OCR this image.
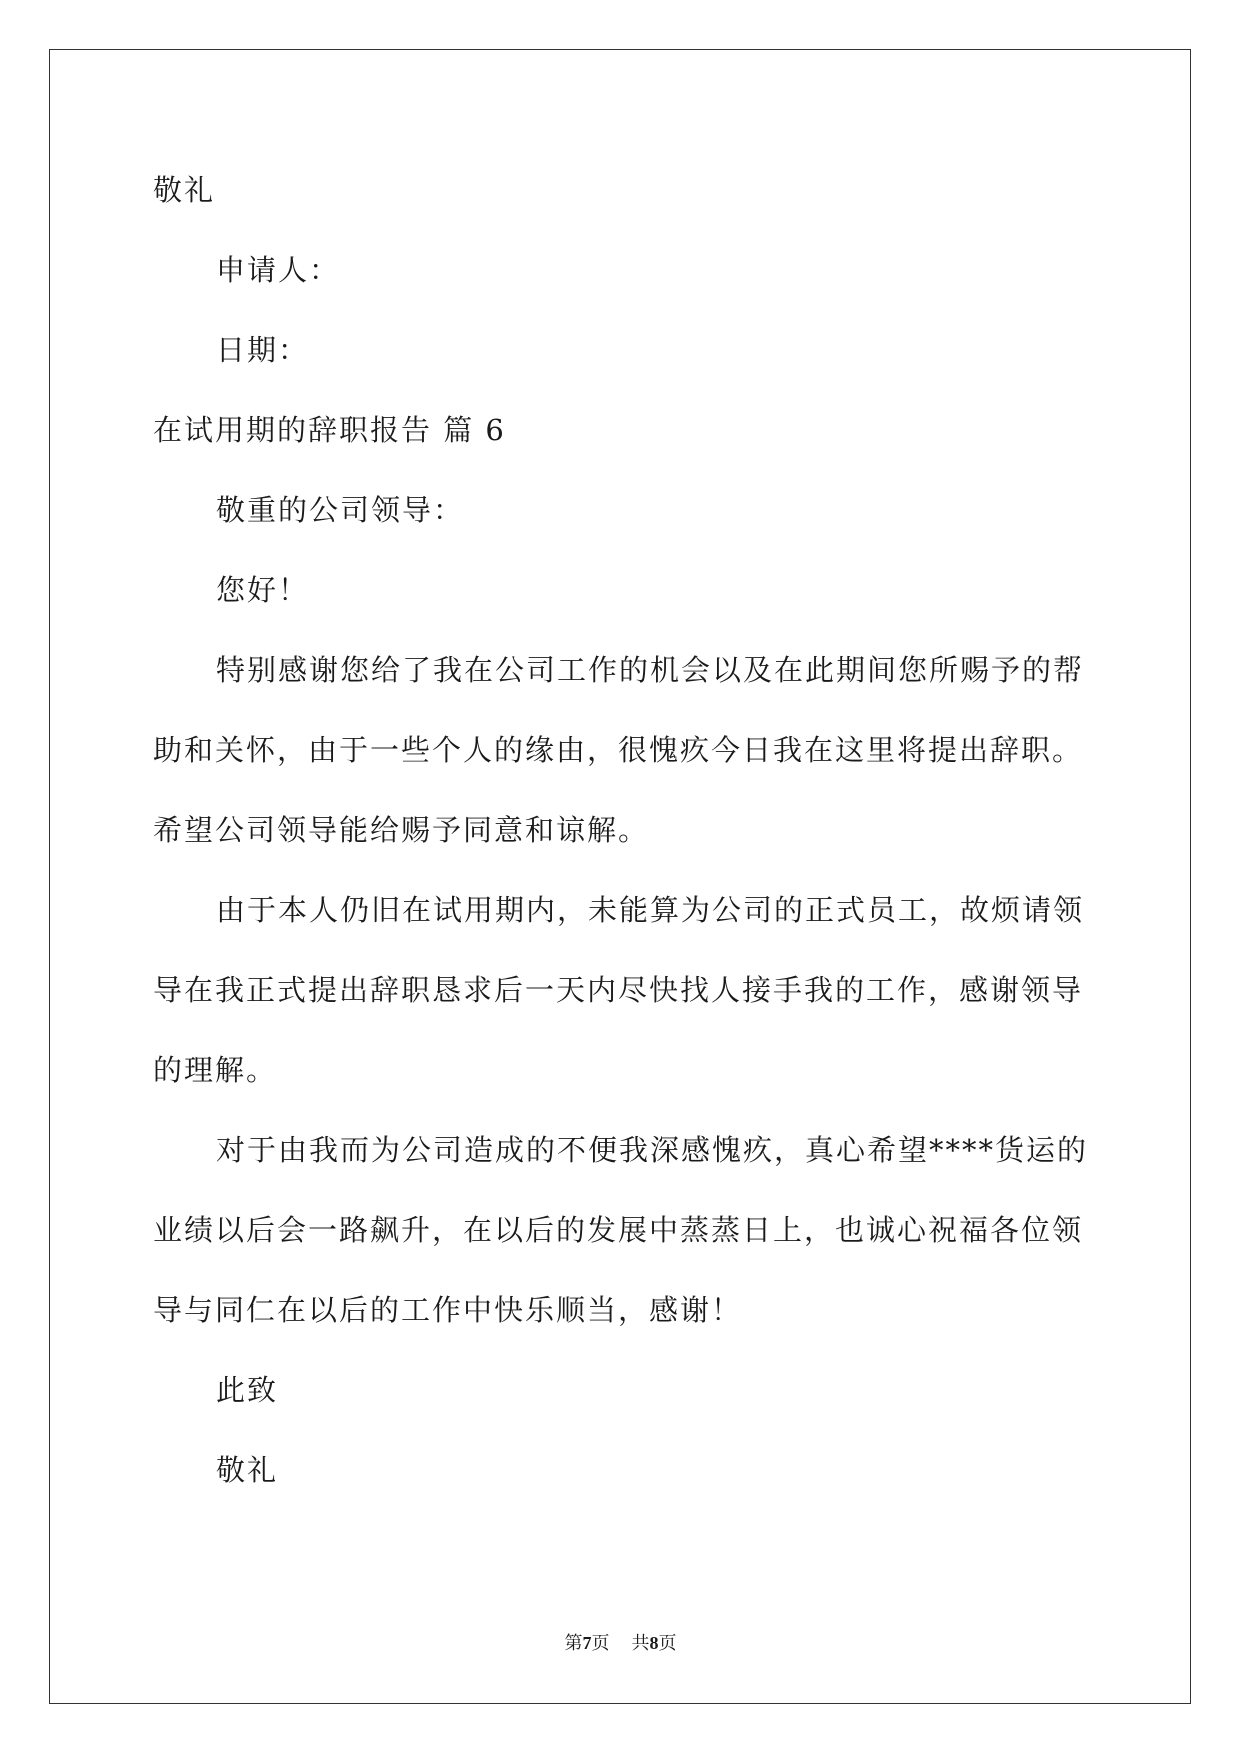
敬礼
申请人：
日期：
在试用期的辞职报告 篇 6
敬重的公司领导：
您好！
特别感谢您给了我在公司工作的机会以及在此期间您所赐予的帮
助和关怀，由于一些个人的缘由，很愧疚今日我在这里将提出辞职。
希望公司领导能给赐予同意和谅解。
由于本人仍旧在试用期内，未能算为公司的正式员工，故烦请领
导在我正式提出辞职恳求后一天内尽快找人接手我的工作，感谢领导
的理解。
对于由我而为公司造成的不便我深感愧疚，真心希望****货运的
业绩以后会一路飙升，在以后的发展中蒸蒸日上，也诚心祝福各位领
导与同仁在以后的工作中快乐顺当，感谢！
此致
敬礼
第7页 共8页
